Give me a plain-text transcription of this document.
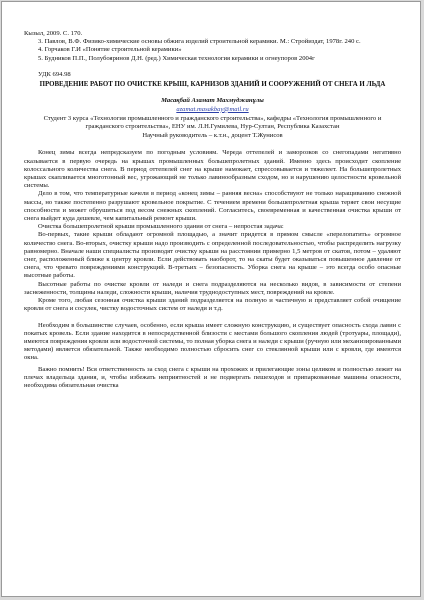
Кызыл, 2009. С. 170.

3. Павлов, В.Ф. Физико-химические основы обжига изделий строительной керамики. М.: Стройиздат, 1978г. 240 с.

4. Горчаков Г.И «Понятие строительной керамики»

5. Будников П.П., Полубояринов Д.Н. (ред.) Химическая технология керамики и огнеупоров 2004г

УДК 694.98

ПРОВЕДЕНИЕ РАБОТ ПО ОЧИСТКЕ КРЫШ, КАРНИЗОВ ЗДАНИЙ И СООРУЖЕНИЙ ОТ СНЕГА И ЛЬДА

Масақбай Азамат Махмуджанұлы

azamat.masakbay@mail.ru

Студент 3 курса «Технология промышленного и гражданского строительства», кафедры «Технология промышленного и гражданского строительства», ЕНУ им. Л.Н.Гумилева, Нур-Султан, Республика Казахстан

Научный руководитель – к.т.н., доцент Т.Жунисов

Конец зимы всегда непредсказуем по погодным условиям. Череда оттепелей и заморозков со снегопадами негативно сказывается в первую очередь на крышах промышленных большепролетных зданий. Именно здесь происходит скопление колоссального количества снега. В период оттепелей снег на крыше намокает, спрессовывается и тяжелеет. На большепролетных крышах скапливается многотонный вес, угрожающий не только лавинообразным сходом, но и нарушению целостности кровельной системы.

Дело в том, что температурные качели в период «конец зимы – ранняя весна» способствуют не только наращиванию снежной массы, но также постепенно разрушают кровельное покрытие. С течением времени большепролетная крыша теряет свои несущие способности и может обрушиться под весом снежных скоплений. Согласитесь, своевременная и качественная очистка крыши от снега выйдет куда дешевле, чем капитальный ремонт крыши.

Очистка большепролетной крыши промышленного здания от снега – непростая задача:

Во-первых, такие крыши обладают огромной площадью, а значит придется в прямом смысле «перелопатить» огромное количество снега. Во-вторых, очистку крыши надо производить с определенной последовательностью, чтобы распределить нагрузку равномерно. Вначале наши специалисты производят очистку крыши на расстоянии примерно 1,5 метров от скатов, потом – удаляют снег, расположенный ближе к центру кровли. Если действовать наоборот, то на скаты будет оказываться повышенное давление от снега, что чревато повреждениями конструкций. В-третьих – безопасность. Уборка снега на крыше – это всегда особо опасные высотные работы.

Высотные работы по очистке кровли от наледи и снега подразделяются на несколько видов, в зависимости от степени заснеженности, толщины наледи, сложности крыши, наличия труднодоступных мест, повреждений на кровле.

Кроме того, любая сезонная очистка крыши зданий подразделяется на полную и частичную и представляет собой очищение кровли от снега и сосулек, чистку водосточных систем от наледи и т.д.

Необходим в большинстве случаев, особенно, если крыша имеет сложную конструкцию, и существует опасность схода лавин с покатых кровель. Если здание находится в непосредственной близости с местами большого скопления людей (тротуары, площади), имеются повреждения кровли или водосточной системы, то полная уборка снега и наледи с крыши (ручную или механизированными методами) является обязательной. Также необходимо полностью сбросить снег со стеклянной крыши или с кровли, где имеются окна.

Важно помнить! Вся ответственность за сход снега с крыши на прохожих и прилегающие зоны целиком и полностью лежит на плечах владельца здания, и, чтобы избежать неприятностей и не подвергать пешеходов и припаркованные машины опасности, необходима обязательная очистка
